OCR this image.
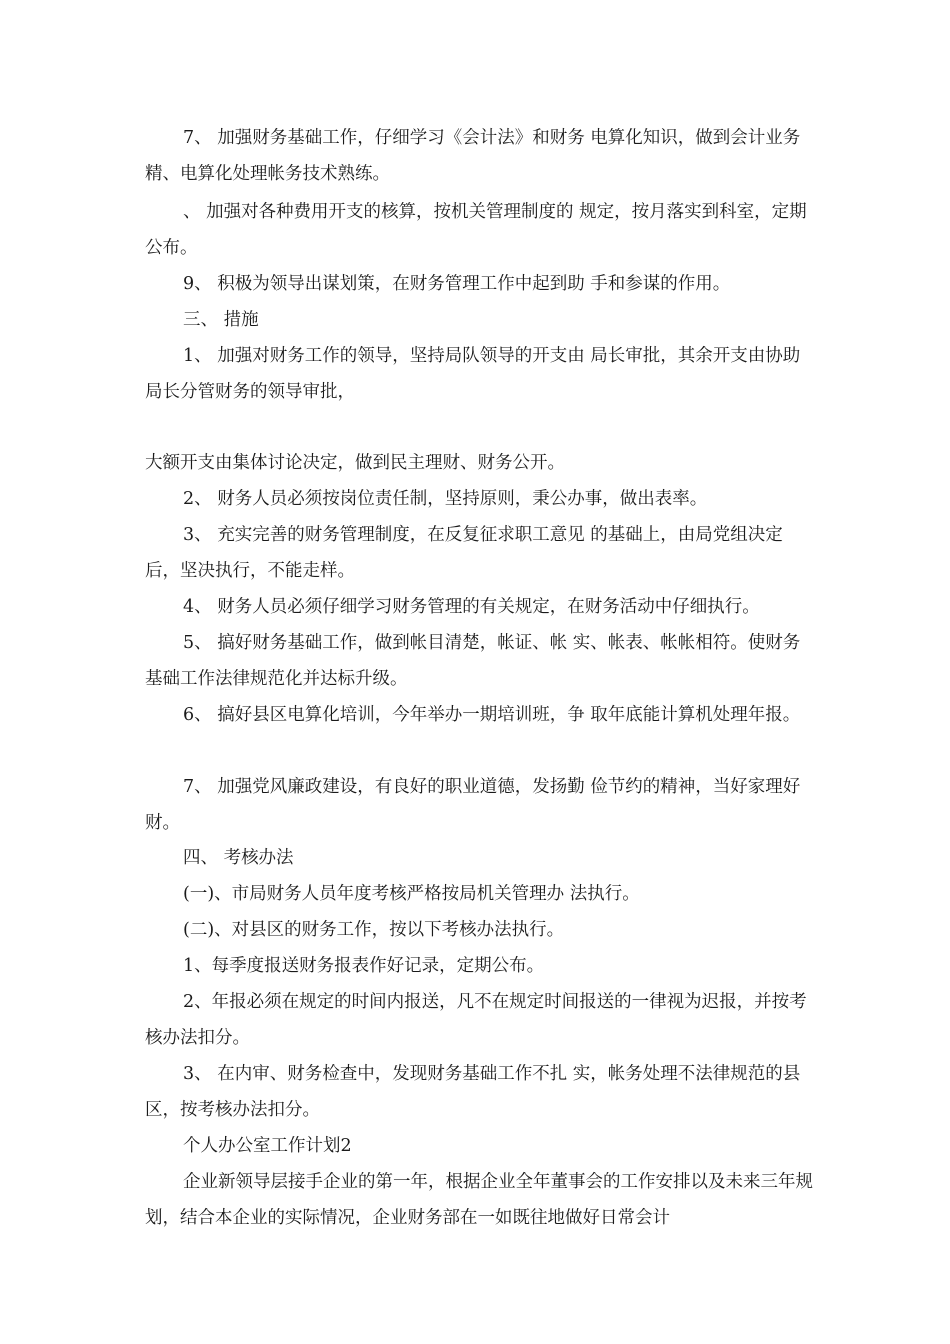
7、 加强财务基础工作，仔细学习《会计法》和财务 电算化知识，做到会计业务精、电算化处理帐务技术熟练。

、 加强对各种费用开支的核算，按机关管理制度的 规定，按月落实到科室，定期公布。

9、 积极为领导出谋划策，在财务管理工作中起到助 手和参谋的作用。

三、 措施

1、 加强对财务工作的领导，坚持局队领导的开支由 局长审批，其余开支由协助局长分管财务的领导审批，

大额开支由集体讨论决定，做到民主理财、财务公开。

2、 财务人员必须按岗位责任制，坚持原则，秉公办事，做出表率。

3、 充实完善的财务管理制度，在反复征求职工意见 的基础上，由局党组决定后，坚决执行，不能走样。

4、 财务人员必须仔细学习财务管理的有关规定，在财务活动中仔细执行。

5、 搞好财务基础工作，做到帐目清楚，帐证、帐 实、帐表、帐帐相符。使财务基础工作法律规范化并达标升级。

6、 搞好县区电算化培训，今年举办一期培训班，争 取年底能计算机处理年报。

7、 加强党风廉政建设，有良好的职业道德，发扬勤 俭节约的精神，当好家理好财。

四、 考核办法

(一)、市局财务人员年度考核严格按局机关管理办 法执行。

(二)、对县区的财务工作，按以下考核办法执行。

1、每季度报送财务报表作好记录，定期公布。

2、年报必须在规定的时间内报送，凡不在规定时间报送的一律视为迟报，并按考核办法扣分。

3、 在内审、财务检查中，发现财务基础工作不扎 实，帐务处理不法律规范的县区，按考核办法扣分。

个人办公室工作计划2

企业新领导层接手企业的第一年，根据企业全年董事会的工作安排以及未来三年规划，结合本企业的实际情况，企业财务部在一如既往地做好日常会计
